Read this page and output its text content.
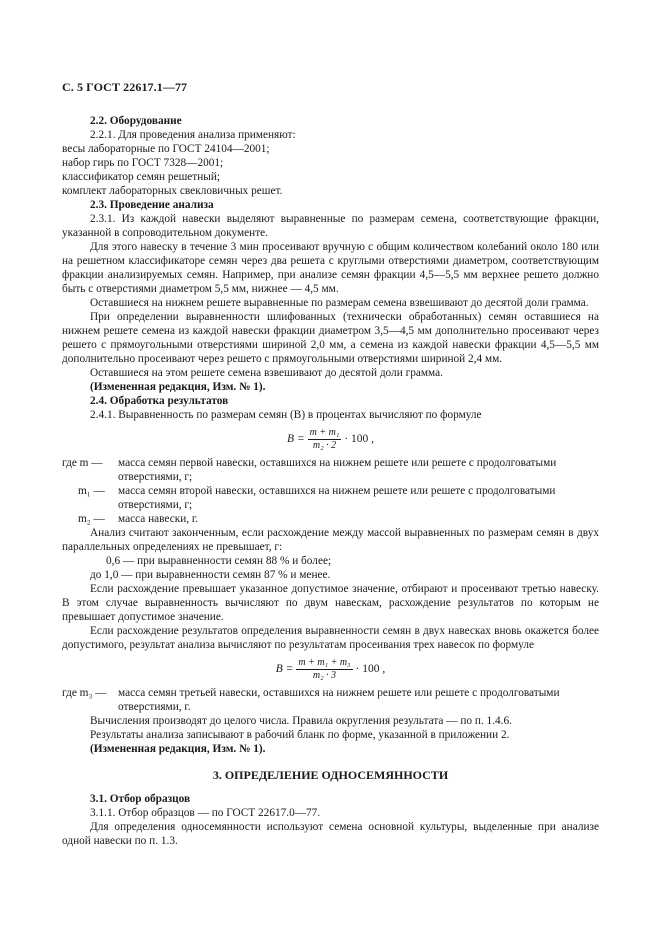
С. 5 ГОСТ 22617.1—77

2.2. Оборудование

2.2.1. Для проведения анализа применяют:

весы лабораторные по ГОСТ 24104—2001;

набор гирь по ГОСТ 7328—2001;

классификатор семян решетный;

комплект лабораторных свекловичных решет.

2.3. Проведение анализа

2.3.1. Из каждой навески выделяют выравненные по размерам семена, соответствующие фракции, указанной в сопроводительном документе.

Для этого навеску в течение 3 мин просеивают вручную с общим количеством колебаний около 180 или на решетном классификаторе семян через два решета с круглыми отверстиями диаметром, соответствующим фракции анализируемых семян. Например, при анализе семян фракции 4,5—5,5 мм верхнее решето должно быть с отверстиями диаметром 5,5 мм, нижнее — 4,5 мм.

Оставшиеся на нижнем решете выравненные по размерам семена взвешивают до десятой доли грамма.

При определении выравненности шлифованных (технически обработанных) семян оставшиеся на нижнем решете семена из каждой навески фракции диаметром 3,5—4,5 мм дополнительно просеивают через решето с прямоугольными отверстиями шириной 2,0 мм, а семена из каждой навески фракции 4,5—5,5 мм дополнительно просеивают через решето с прямоугольными отверстиями шириной 2,4 мм.

Оставшиеся на этом решете семена взвешивают до десятой доли грамма.

(Измененная редакция, Изм. № 1).

2.4. Обработка результатов

2.4.1. Выравненность по размерам семян (B) в процентах вычисляют по формуле

$B = \frac{\text{m + m₁}}{\text{m₂ · 2}} \cdot 100$ ,
где m —	масса семян первой навески, оставшихся на нижнем решете или решете с продолговатыми отверстиями, г;
m₁ —	масса семян второй навески, оставшихся на нижнем решете или решете с продолговатыми отверстиями, г;
m₂ —	масса навески, г.

Анализ считают законченным, если расхождение между массой выравненных по размерам семян в двух параллельных определениях не превышает, г:

0,6 — при выравненности семян 88 % и более;

до 1,0 — при выравненности семян 87 % и менее.

Если расхождение превышает указанное допустимое значение, отбирают и просеивают третью навеску. В этом случае выравненность вычисляют по двум навескам, расхождение результатов по которым не превышает допустимое значение.

Если расхождение результатов определения выравненности семян в двух навесках вновь окажется более допустимого, результат анализа вычисляют по результатам просеивания трех навесок по формуле

$B = \frac{\text{m + m₁ + m₃}}{\text{m₂ · 3}} \cdot 100$ ,
где m₃ —	масса семян третьей навески, оставшихся на нижнем решете или решете с продолговатыми отверстиями, г.

Вычисления производят до целого числа. Правила округления результата — по п. 1.4.6.

Результаты анализа записывают в рабочий бланк по форме, указанной в приложении 2.

(Измененная редакция, Изм. № 1).

3. ОПРЕДЕЛЕНИЕ ОДНОСЕМЯННОСТИ

3.1. Отбор образцов

3.1.1. Отбор образцов — по ГОСТ 22617.0—77.

Для определения односемянности используют семена основной культуры, выделенные при анализе одной навески по п. 1.3.
